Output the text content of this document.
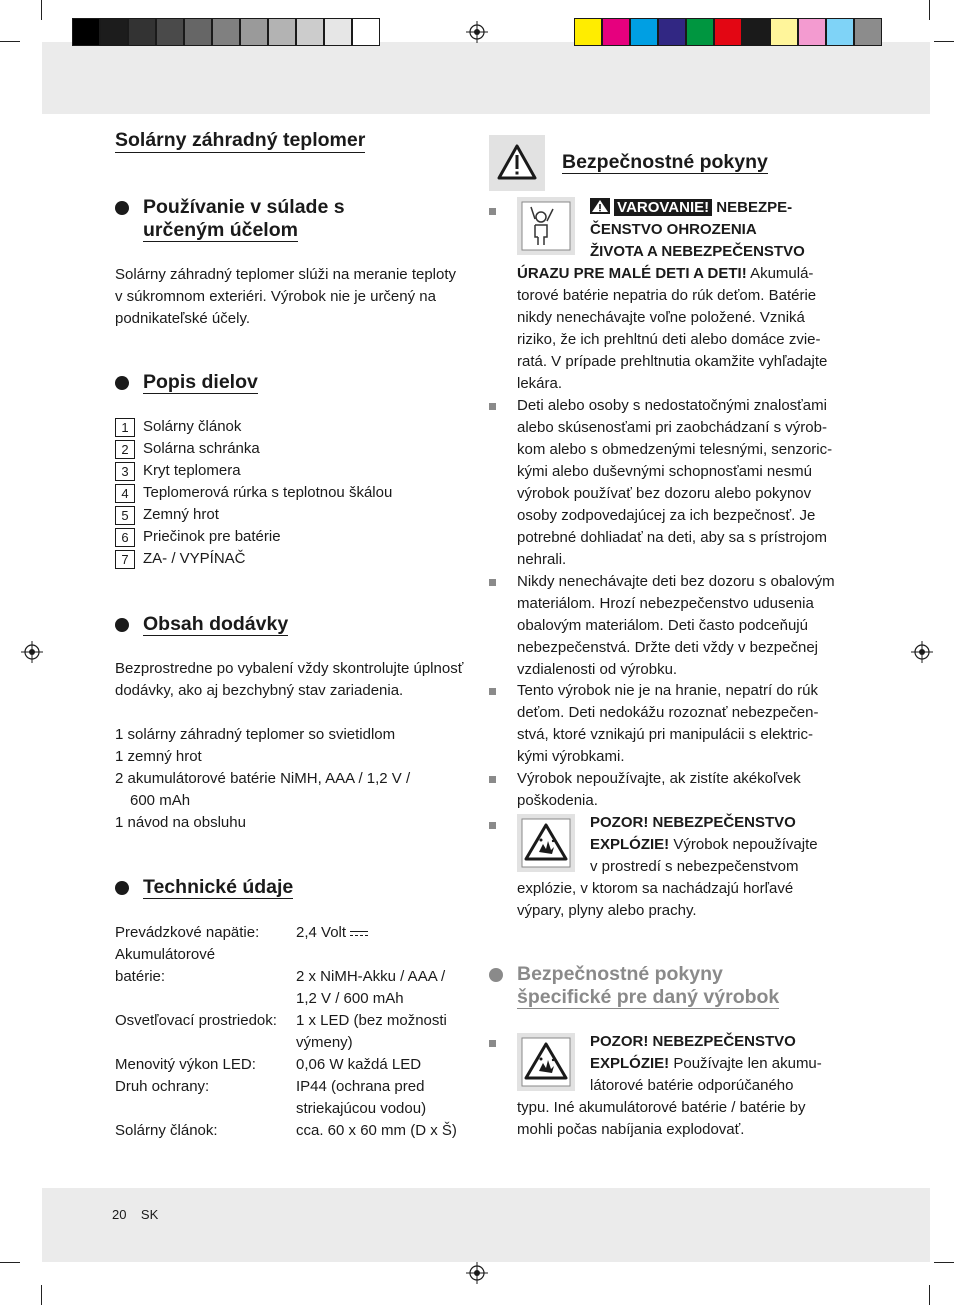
Solárny záhradný teplomer
Používanie v súlade s
určeným účelom
Solárny záhradný teplomer slúži na meranie teploty
v súkromnom exteriéri. Výrobok nie je určený na
podnikateľské účely.
Popis dielov
1 Solárny článok
2 Solárna schránka
3 Kryt teplomera
4 Teplomerová rúrka s teplotnou škálou
5 Zemný hrot
6 Priečinok pre batérie
7 ZA- / VYPÍNAČ
Obsah dodávky
Bezprostredne po vybalení vždy skontrolujte úplnosť
dodávky, ako aj bezchybný stav zariadenia.
1 solárny záhradný teplomer so svietidlom
1 zemný hrot
2 akumulátorové batérie NiMH, AAA / 1,2 V /
600 mAh
1 návod na obsluhu
Technické údaje
Prevádzkové napätie:	2,4 Volt
Akumulátorové	
batérie:	2 x NiMH-Akku / AAA /
	1,2 V / 600 mAh
Osvetľovací prostriedok:	1 x LED (bez možnosti
	výmeny)
Menovitý výkon LED:	0,06 W každá LED
Druh ochrany:	IP44 (ochrana pred
	striekajúcou vodou)
Solárny článok:	cca. 60 x 60 mm (D x Š)
Bezpečnostné pokyny
VAROVANIE! NEBEZPE-
ČENSTVO OHROZENIA
ŽIVOTA A NEBEZPEČENSTVO
ÚRAZU PRE MALÉ DETI A DETI! Akumulá-
torové batérie nepatria do rúk deťom. Batérie
nikdy nenechávajte voľne položené. Vzniká
riziko, že ich prehltnú deti alebo domáce zvie-
ratá. V prípade prehltnutia okamžite vyhľadajte
lekára.
Deti alebo osoby s nedostatočnými znalosťami
alebo skúsenosťami pri zaobchádzaní s výrob-
kom alebo s obmedzenými telesnými, senzoric-
kými alebo duševnými schopnosťami nesmú
výrobok používať bez dozoru alebo pokynov
osoby zodpovedajúcej za ich bezpečnosť. Je
potrebné dohliadať na deti, aby sa s prístrojom
nehrali.
Nikdy nenechávajte deti bez dozoru s obalovým
materiálom. Hrozí nebezpečenstvo udusenia
obalovým materiálom. Deti často podceňujú
nebezpečenstvá. Držte deti vždy v bezpečnej
vzdialenosti od výrobku.
Tento výrobok nie je na hranie, nepatrí do rúk
deťom. Deti nedokážu rozoznať nebezpečen-
stvá, ktoré vznikajú pri manipulácii s elektric-
kými výrobkami.
Výrobok nepoužívajte, ak zistíte akékoľvek
poškodenia.
POZOR! NEBEZPEČENSTVO
EXPLÓZIE! Výrobok nepoužívajte
v prostredí s nebezpečenstvom
explózie, v ktorom sa nachádzajú horľavé
výpary, plyny alebo prachy.
Bezpečnostné pokyny
špecifické pre daný výrobok
POZOR! NEBEZPEČENSTVO
EXPLÓZIE! Používajte len akumu-
látorové batérie odporúčaného
typu. Iné akumulátorové batérie / batérie by
mohli počas nabíjania explodovať.
20 SK
